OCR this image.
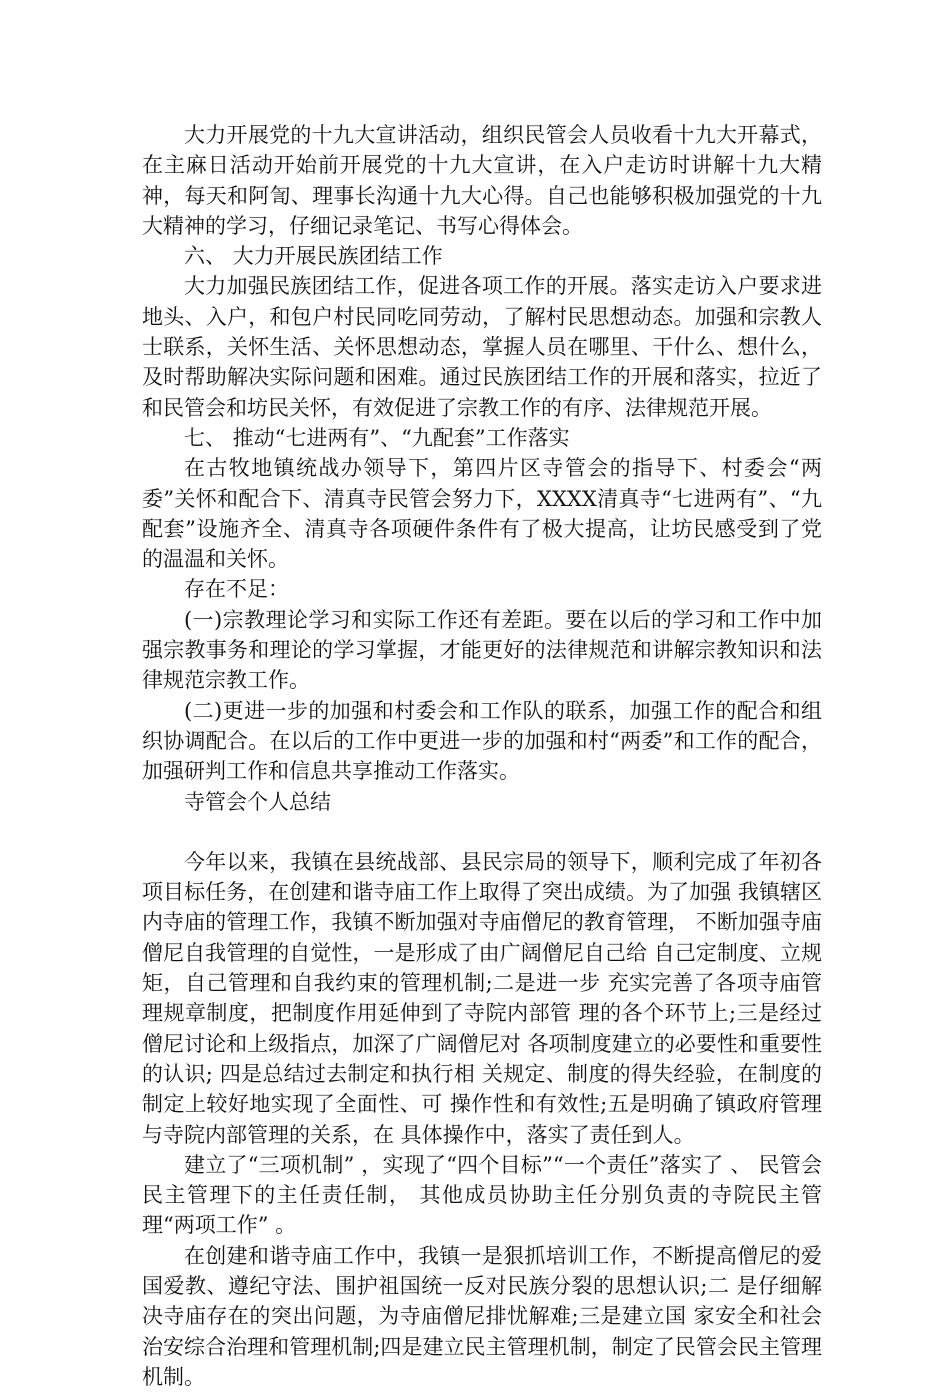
大力开展党的十九大宣讲活动，组织民管会人员收看十九大开幕式，在主麻日活动开始前开展党的十九大宣讲，在入户走访时讲解十九大精神，每天和阿訇、理事长沟通十九大心得。自己也能够积极加强党的十九大精神的学习，仔细记录笔记、书写心得体会。

六、 大力开展民族团结工作

大力加强民族团结工作，促进各项工作的开展。落实走访入户要求进地头、入户，和包户村民同吃同劳动，了解村民思想动态。加强和宗教人士联系，关怀生活、关怀思想动态，掌握人员在哪里、干什么、想什么，及时帮助解决实际问题和困难。通过民族团结工作的开展和落实，拉近了和民管会和坊民关怀，有效促进了宗教工作的有序、法律规范开展。

七、 推动“七进两有”、“九配套”工作落实

在古牧地镇统战办领导下，第四片区寺管会的指导下、村委会“两委”关怀和配合下、清真寺民管会努力下，XXXX清真寺“七进两有”、“九配套”设施齐全、清真寺各项硬件条件有了极大提高，让坊民感受到了党的温温和关怀。

存在不足：

(一)宗教理论学习和实际工作还有差距。要在以后的学习和工作中加强宗教事务和理论的学习掌握，才能更好的法律规范和讲解宗教知识和法律规范宗教工作。

(二)更进一步的加强和村委会和工作队的联系，加强工作的配合和组织协调配合。在以后的工作中更进一步的加强和村“两委”和工作的配合，加强研判工作和信息共享推动工作落实。

寺管会个人总结

今年以来，我镇在县统战部、县民宗局的领导下，顺利完成了年初各项目标任务，在创建和谐寺庙工作上取得了突出成绩。为了加强 我镇辖区内寺庙的管理工作，我镇不断加强对寺庙僧尼的教育管理， 不断加强寺庙僧尼自我管理的自觉性，一是形成了由广阔僧尼自己给 自己定制度、立规矩，自己管理和自我约束的管理机制;二是进一步 充实完善了各项寺庙管理规章制度，把制度作用延伸到了寺院内部管 理的各个环节上;三是经过僧尼讨论和上级指点，加深了广阔僧尼对 各项制度建立的必要性和重要性的认识; 四是总结过去制定和执行相 关规定、制度的得失经验，在制度的制定上较好地实现了全面性、可 操作性和有效性;五是明确了镇政府管理与寺院内部管理的关系，在 具体操作中，落实了责任到人。

建立了“三项机制” ，实现了“四个目标”“一个责任”落实了 、 民管会民主管理下的主任责任制， 其他成员协助主任分别负责的寺院民主管理“两项工作” 。

在创建和谐寺庙工作中，我镇一是狠抓培训工作，不断提高僧尼的爱国爱教、遵纪守法、围护祖国统一反对民族分裂的思想认识;二 是仔细解决寺庙存在的突出问题，为寺庙僧尼排忧解难;三是建立国 家安全和社会治安综合治理和管理机制;四是建立民主管理机制，制定了民管会民主管理机制。
